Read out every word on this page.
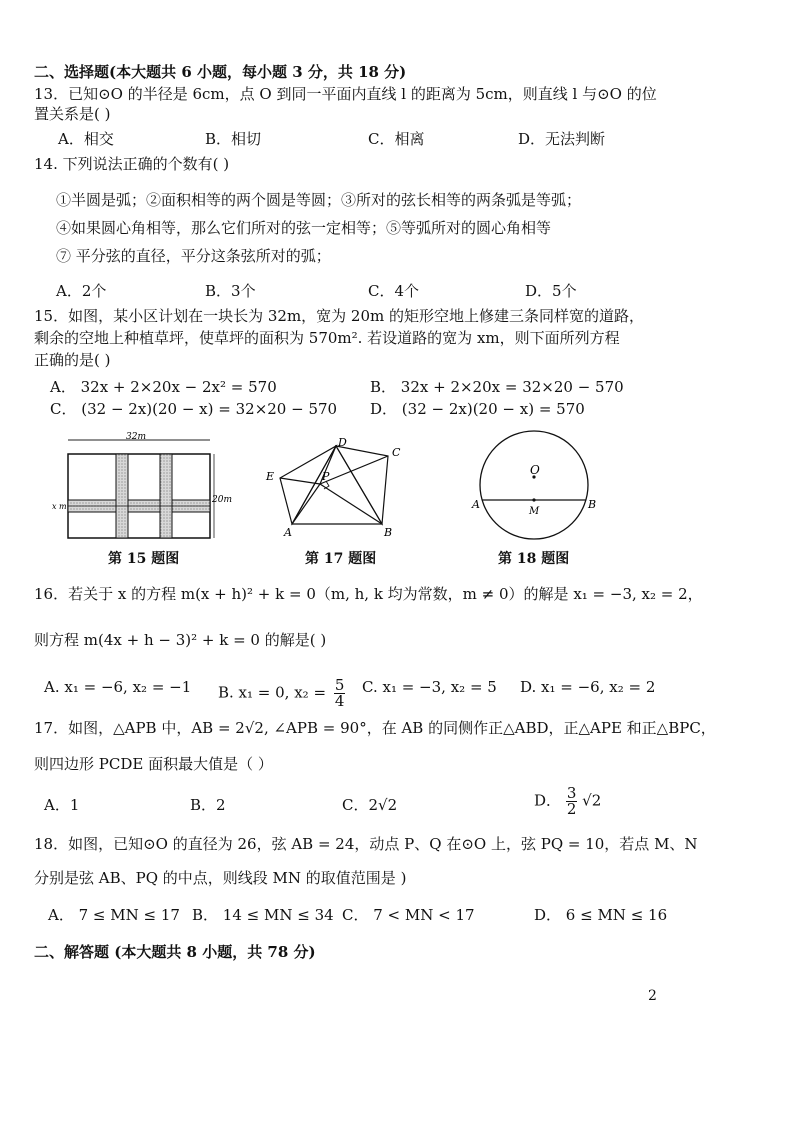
二、选择题(本大题共 6 小题，每小题 3 分，共 18 分)
13．已知⊙O 的半径是 6cm，点 O 到同一平面内直线 l 的距离为 5cm，则直线 l 与⊙O 的位
置关系是( )
A．相交	B．相切	C．相离	D．无法判断
14. 下列说法正确的个数有( )
①半圆是弧；②面积相等的两个圆是等圆；③所对的弦长相等的两条弧是等弧；
④如果圆心角相等，那么它们所对的弦一定相等；⑤等弧所对的圆心角相等
⑦ 平分弦的直径，平分这条弦所对的弧；
A．2个	B．3个	C．4个	D．5个
15．如图，某小区计划在一块长为 32m，宽为 20m 的矩形空地上修建三条同样宽的道路，
剩余的空地上种植草坪，使草坪的面积为 570m². 若设道路的宽为 xm，则下面所列方程
正确的是( )
A． 32x + 2×20x − 2x² = 570	B． 32x + 2×20x = 32×20 − 570
C． (32 − 2x)(20 − x) = 32×20 − 570 D． (32 − 2x)(20 − x) = 570
32m
x m
20m
D
C
E	P
A	B
O
A
M
B
第 15 题图	第 17 题图	第 18 题图
16．若关于 x 的方程 m(x + h)² + k = 0（m, h, k 均为常数，m ≠ 0）的解是 x₁ = −3, x₂ = 2，
则方程 m(4x + h − 3)² + k = 0 的解是( )
A. x₁ = −6, x₂ = −1 B. x₁ = 0, $x_2 = \frac{5}{4} C$. x₁ = −3, x₂ = 5 D. x₁ = −6, x₂ = 2
17．如图，△APB 中，AB = 2√2, ∠APB = 90°，在 AB 的同侧作正△ABD，正△APE 和正△BPC，
则四边形 PCDE 面积最大值是（ ）
A．1	B．2	C．2√2	D． $\frac{3}{2} √2$
18．如图，已知⊙O 的直径为 26，弦 AB = 24，动点 P、Q 在⊙O 上，弦 PQ = 10，若点 M、N
分别是弦 AB、PQ 的中点，则线段 MN 的取值范围是 )
A． 7 ≤ MN ≤ 17 B． 14 ≤ MN ≤ 34 C． 7 < MN < 17	D． 6 ≤ MN ≤ 16
二、解答题 (本大题共 8 小题，共 78 分)
2
